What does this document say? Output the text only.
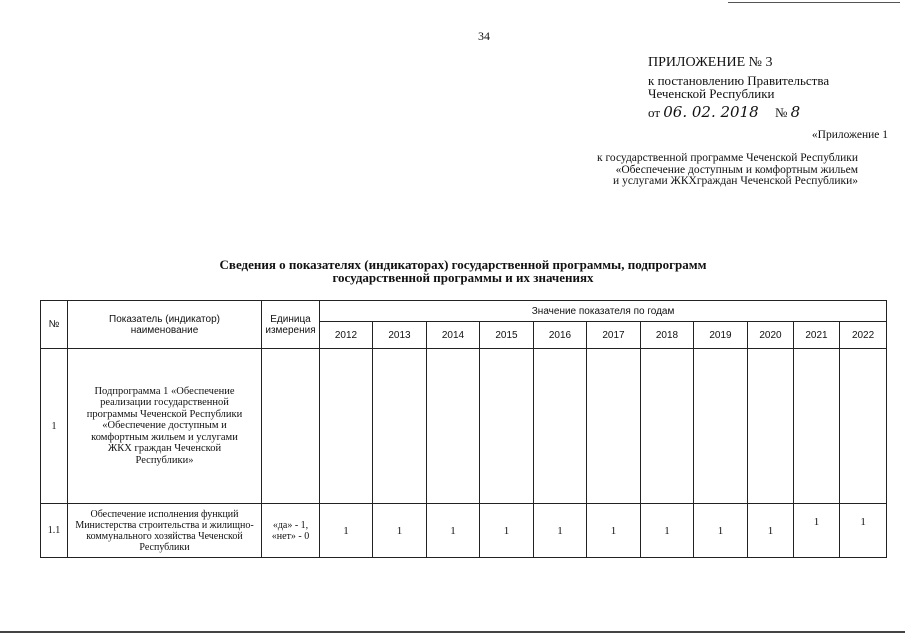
34
ПРИЛОЖЕНИЕ № 3
к постановлению Правительства
Чеченской Республики
от 06. 02. 2018 № 8
«Приложение 1
к государственной программе Чеченской Республики
«Обеспечение доступным и комфортным жильем
и услугами ЖКХграждан Чеченской Республики»
Сведения о показателях (индикаторах) государственной программы, подпрограмм
государственной программы и их значениях
№	Показатель (индикатор) наименование	Единица измерения	Значение показателя по годам										
			2012	2013	2014	2015	2016	2017	2018	2019	2020	2021	2022
1	Подпрограмма 1 «Обеспечение реализации государственной программы Чеченской Республики «Обеспечение доступным и комфортным жильем и услугами ЖКХ граждан Чеченской Республики»												
1.1	Обеспечение исполнения функций Министерства строительства и жилищно-коммунального хозяйства Чеченской Республики	«да» - 1, «нет» - 0	1	1	1	1	1	1	1	1	1	1	1
